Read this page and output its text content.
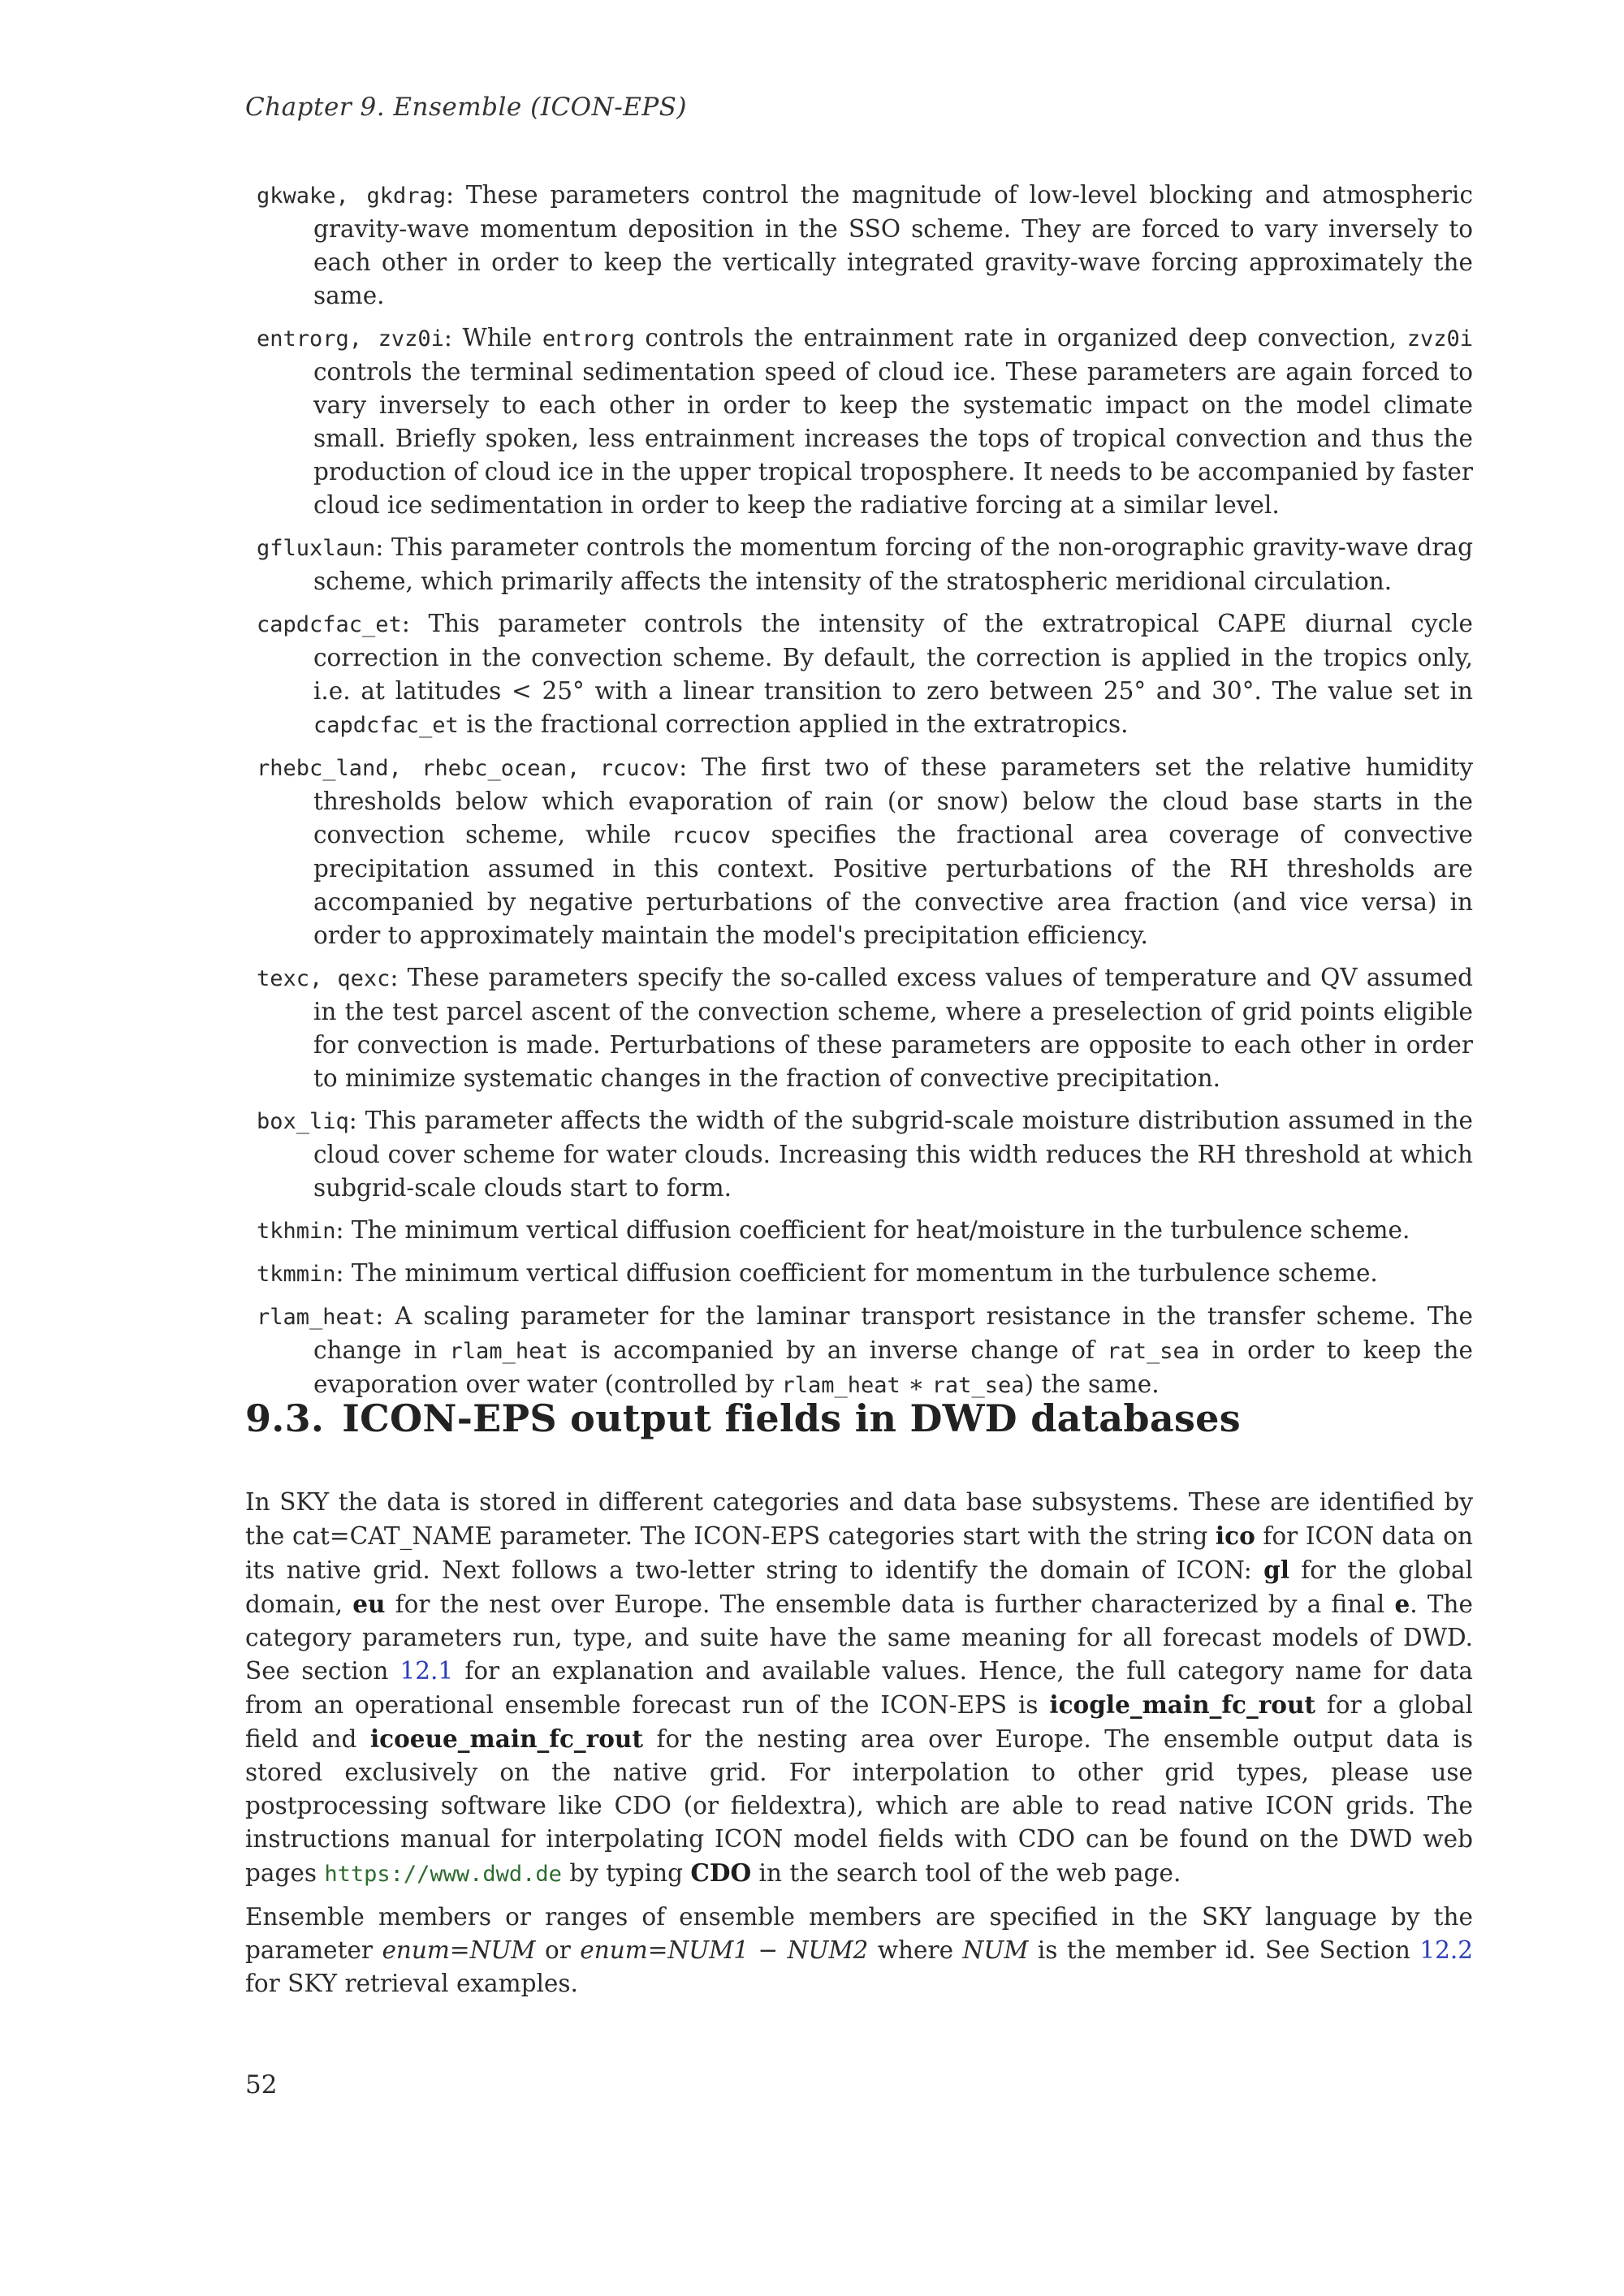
Chapter 9. Ensemble (ICON-EPS)

gkwake, gkdrag: These parameters control the magnitude of low-level blocking and atmospheric gravity-wave momentum deposition in the SSO scheme. They are forced to vary inversely to each other in order to keep the vertically integrated gravity-wave forcing approximately the same.

entrorg, zvz0i: While entrorg controls the entrainment rate in organized deep convection, zvz0i controls the terminal sedimentation speed of cloud ice. These parameters are again forced to vary inversely to each other in order to keep the systematic impact on the model climate small. Briefly spoken, less entrainment increases the tops of tropical convection and thus the production of cloud ice in the upper tropical troposphere. It needs to be accompanied by faster cloud ice sedimentation in order to keep the radiative forcing at a similar level.

gfluxlaun: This parameter controls the momentum forcing of the non-orographic gravity-wave drag scheme, which primarily affects the intensity of the stratospheric meridional circulation.

capdcfac_et: This parameter controls the intensity of the extratropical CAPE diurnal cycle correction in the convection scheme. By default, the correction is applied in the tropics only, i.e. at latitudes < 25° with a linear transition to zero between 25° and 30°. The value set in capdcfac_et is the fractional correction applied in the extratropics.

rhebc_land, rhebc_ocean, rcucov: The first two of these parameters set the relative humidity thresholds below which evaporation of rain (or snow) below the cloud base starts in the convection scheme, while rcucov specifies the fractional area coverage of convective precipitation assumed in this context. Positive perturbations of the RH thresholds are accompanied by negative perturbations of the convective area fraction (and vice versa) in order to approximately maintain the model's precipitation efficiency.

texc, qexc: These parameters specify the so-called excess values of temperature and QV assumed in the test parcel ascent of the convection scheme, where a preselection of grid points eligible for convection is made. Perturbations of these parameters are opposite to each other in order to minimize systematic changes in the fraction of convective precipitation.

box_liq: This parameter affects the width of the subgrid-scale moisture distribution assumed in the cloud cover scheme for water clouds. Increasing this width reduces the RH threshold at which subgrid-scale clouds start to form.

tkhmin: The minimum vertical diffusion coefficient for heat/moisture in the turbulence scheme.

tkmmin: The minimum vertical diffusion coefficient for momentum in the turbulence scheme.

rlam_heat: A scaling parameter for the laminar transport resistance in the transfer scheme. The change in rlam_heat is accompanied by an inverse change of rat_sea in order to keep the evaporation over water (controlled by rlam_heat ∗ rat_sea) the same.

9.3. ICON-EPS output fields in DWD databases

In SKY the data is stored in different categories and data base subsystems. These are identified by the cat=CAT_NAME parameter. The ICON-EPS categories start with the string ico for ICON data on its native grid. Next follows a two-letter string to identify the domain of ICON: gl for the global domain, eu for the nest over Europe. The ensemble data is further characterized by a final e. The category parameters run, type, and suite have the same meaning for all forecast models of DWD. See section 12.1 for an explanation and available values. Hence, the full category name for data from an operational ensemble forecast run of the ICON-EPS is icogle_main_fc_rout for a global field and icoeue_main_fc_rout for the nesting area over Europe. The ensemble output data is stored exclusively on the native grid. For interpolation to other grid types, please use postprocessing software like CDO (or fieldextra), which are able to read native ICON grids. The instructions manual for interpolating ICON model fields with CDO can be found on the DWD web pages https://www.dwd.de by typing CDO in the search tool of the web page.

Ensemble members or ranges of ensemble members are specified in the SKY language by the parameter enum=NUM or enum=NUM1 − NUM2 where NUM is the member id. See Section 12.2 for SKY retrieval examples.

52
